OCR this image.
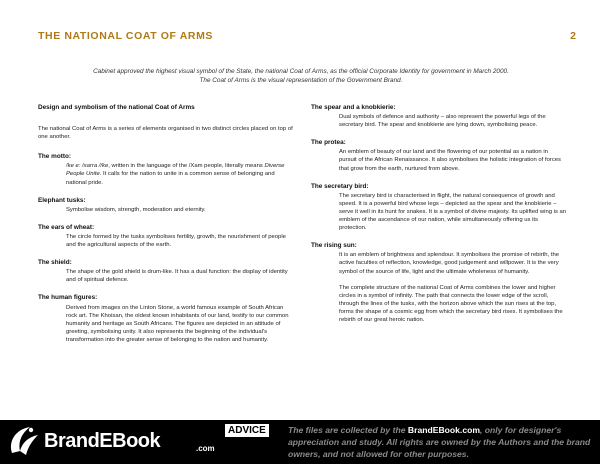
THE NATIONAL COAT OF ARMS	2
Cabinet approved the highest visual symbol of the State, the national Coat of Arms, as the official Corporate Identity for government in March 2000.
The Coat of Arms is the visual representation of the Government Brand.

Design and symbolism of the national Coat of Arms

The national Coat of Arms is a series of elements organised in two distinct circles placed on top of one another.

The motto:

!ke e: /xarra //ke, written in the language of the /Xam people, literally means Diverse People Unite. It calls for the nation to unite in a common sense of belonging and national pride.

Elephant tusks:

Symbolise wisdom, strength, moderation and eternity.

The ears of wheat:

The circle formed by the tusks symbolises fertility, growth, the nourishment of people and the agricultural aspects of the earth.

The shield:

The shape of the gold shield is drum-like. It has a dual function: the display of identity and of spiritual defence.

The human figures:

Derived from images on the Linton Stone, a world famous example of South African rock art. The Khoisan, the oldest known inhabitants of our land, testify to our common humanity and heritage as South Africans. The figures are depicted in an attitude of greeting, symbolising unity. It also represents the beginning of the individual's transformation into the greater sense of belonging to the nation and humanity.

The spear and a knobkierie:

Dual symbols of defence and authority – also represent the powerful legs of the secretary bird. The spear and knobkierie are lying down, symbolising peace.

The protea:

An emblem of beauty of our land and the flowering of our potential as a nation in pursuit of the African Renaissance. It also symbolises the holistic integration of forces that grow from the earth, nurtured from above.

The secretary bird:

The secretary bird is characterised in flight, the natural consequence of growth and speed. It is a powerful bird whose legs – depicted as the spear and the knobkierie – serve it well in its hunt for snakes. It is a symbol of divine majesty. Its uplifted wing is an emblem of the ascendance of our nation, while simultaneously offering us its protection.

The rising sun:

It is an emblem of brightness and splendour. It symbolises the promise of rebirth, the active faculties of reflection, knowledge, good judgement and willpower. It is the very symbol of the source of life, light and the ultimate wholeness of humanity.

The complete structure of the national Coat of Arms combines the lower and higher circles in a symbol of infinity. The path that connects the lower edge of the scroll, through the lines of the tusks, with the horizon above which the sun rises at the top, forms the shape of a cosmic egg from which the secretary bird rises. It symbolises the rebirth of our great heroic nation.

BrandEBook	.com
ADVICE	The files are collected by the BrandEBook.com, only for designer's appreciation and study. All rights are owned by the Authors and the brand owners, and not allowed for other purposes.
